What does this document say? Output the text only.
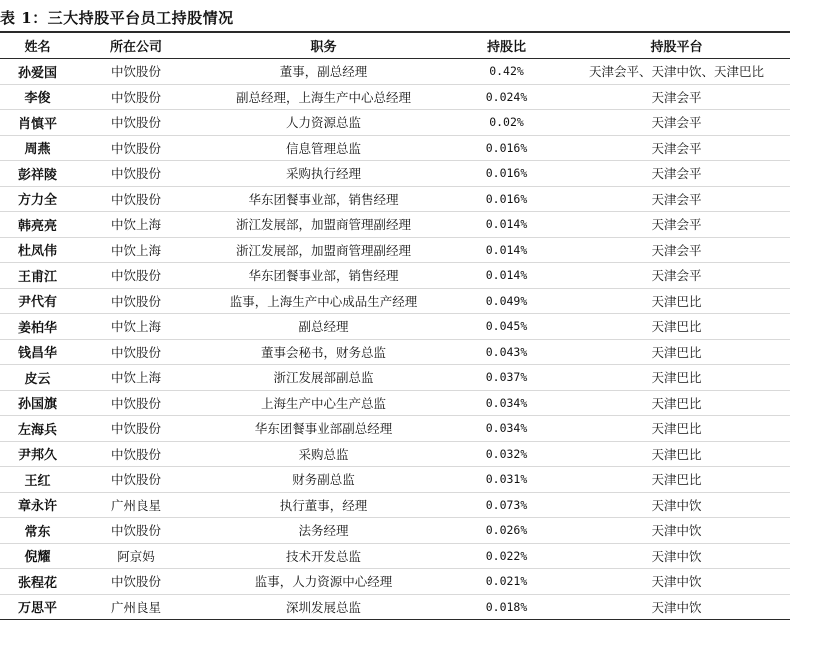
表 1：三大持股平台员工持股情况
姓名	所在公司	职务	持股比	持股平台
孙爱国	中饮股份	董事，副总经理	0.42%	天津会平、天津中饮、天津巴比
李俊	中饮股份	副总经理，上海生产中心总经理	0.024%	天津会平
肖慎平	中饮股份	人力资源总监	0.02%	天津会平
周燕	中饮股份	信息管理总监	0.016%	天津会平
彭祥陵	中饮股份	采购执行经理	0.016%	天津会平
方力全	中饮股份	华东团餐事业部，销售经理	0.016%	天津会平
韩亮亮	中饮上海	浙江发展部，加盟商管理副经理	0.014%	天津会平
杜凤伟	中饮上海	浙江发展部，加盟商管理副经理	0.014%	天津会平
王甫江	中饮股份	华东团餐事业部，销售经理	0.014%	天津会平
尹代有	中饮股份	监事，上海生产中心成品生产经理	0.049%	天津巴比
姜柏华	中饮上海	副总经理	0.045%	天津巴比
钱昌华	中饮股份	董事会秘书，财务总监	0.043%	天津巴比
皮云	中饮上海	浙江发展部副总监	0.037%	天津巴比
孙国旗	中饮股份	上海生产中心生产总监	0.034%	天津巴比
左海兵	中饮股份	华东团餐事业部副总经理	0.034%	天津巴比
尹邦久	中饮股份	采购总监	0.032%	天津巴比
王红	中饮股份	财务副总监	0.031%	天津巴比
章永许	广州良星	执行董事，经理	0.073%	天津中饮
常东	中饮股份	法务经理	0.026%	天津中饮
倪耀	阿京妈	技术开发总监	0.022%	天津中饮
张程花	中饮股份	监事，人力资源中心经理	0.021%	天津中饮
万思平	广州良星	深圳发展总监	0.018%	天津中饮
